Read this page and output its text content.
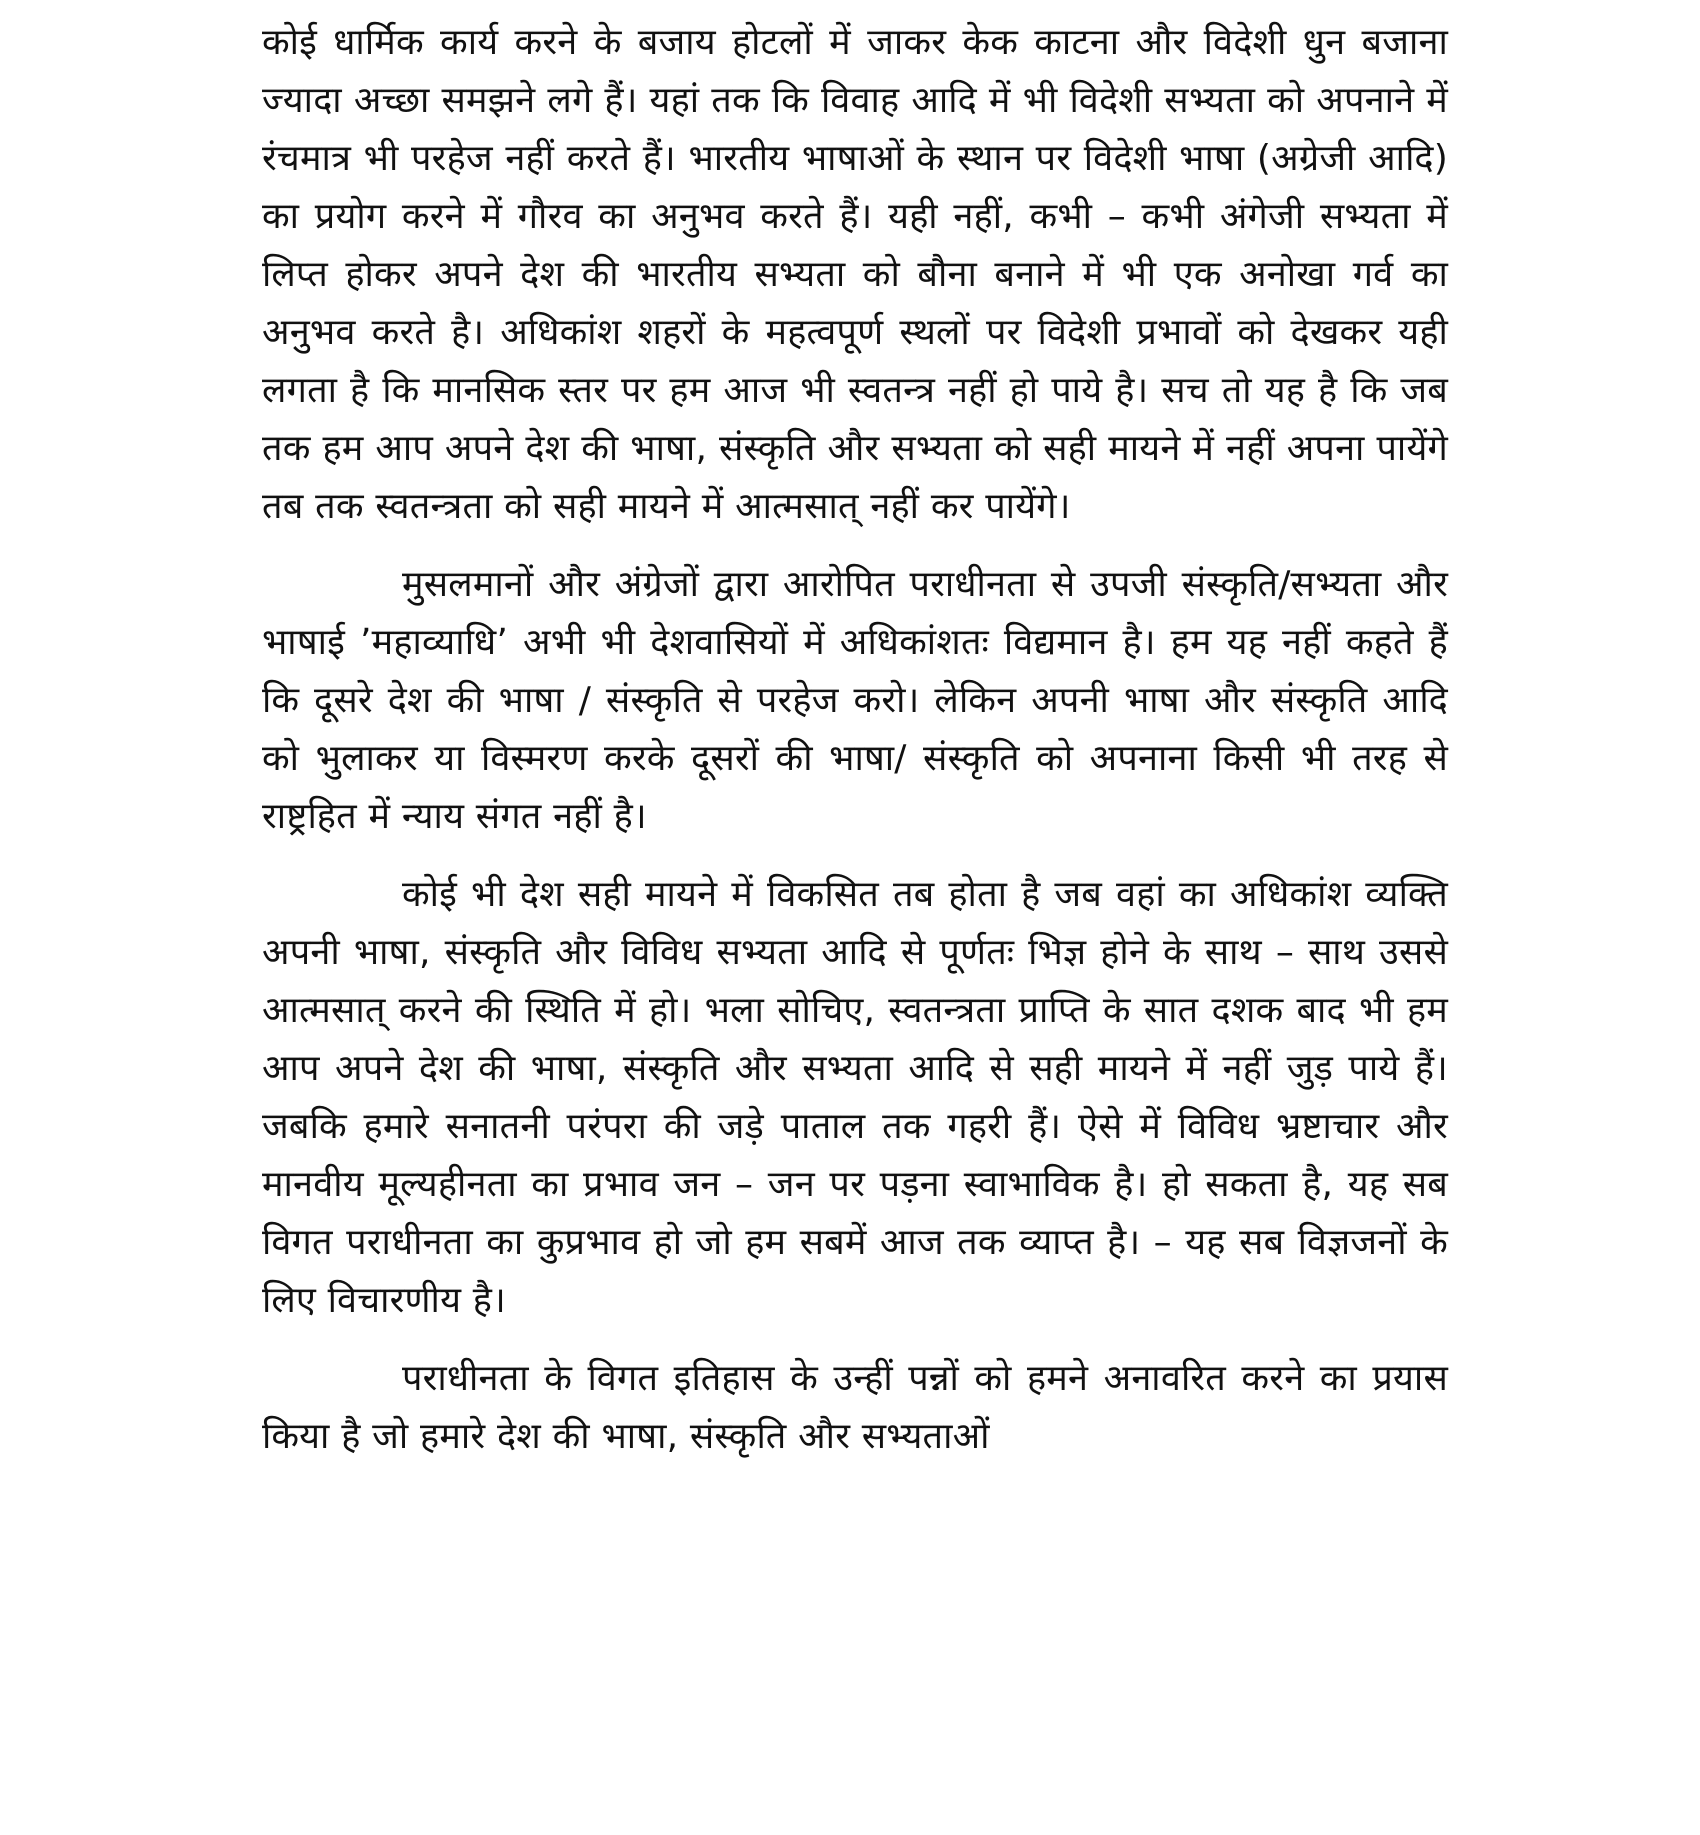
कोई धार्मिक कार्य करने के बजाय होटलों में जाकर केक काटना और विदेशी धुन बजाना ज्यादा अच्छा समझने लगे हैं। यहां तक कि विवाह आदि में भी विदेशी सभ्यता को अपनाने में रंचमात्र भी परहेज नहीं करते हैं। भारतीय भाषाओं के स्थान पर विदेशी भाषा (अग्रेजी आदि) का प्रयोग करने में गौरव का अनुभव करते हैं। यही नहीं, कभी – कभी अंगेजी सभ्यता में लिप्त होकर अपने देश की भारतीय सभ्यता को बौना बनाने में भी एक अनोखा गर्व का अनुभव करते है। अधिकांश शहरों के महत्वपूर्ण स्थलों पर विदेशी प्रभावों को देखकर यही लगता है कि मानसिक स्तर पर हम आज भी स्वतन्त्र नहीं हो पाये है। सच तो यह है कि जब तक हम आप अपने देश की भाषा, संस्कृति और सभ्यता को सही मायने में नहीं अपना पायेंगे तब तक स्वतन्त्रता को सही मायने में आत्मसात् नहीं कर पायेंगे।

मुसलमानों और अंग्रेजों द्वारा आरोपित पराधीनता से उपजी संस्कृति/सभ्यता और भाषाई ’महाव्याधि’ अभी भी देशवासियों में अधिकांशतः विद्यमान है। हम यह नहीं कहते हैं कि दूसरे देश की भाषा / संस्कृति से परहेज करो। लेकिन अपनी भाषा और संस्कृति आदि को भुलाकर या विस्मरण करके दूसरों की भाषा/ संस्कृति को अपनाना किसी भी तरह से राष्ट्रहित में न्याय संगत नहीं है।

कोई भी देश सही मायने में विकसित तब होता है जब वहां का अधिकांश व्यक्ति अपनी भाषा, संस्कृति और विविध सभ्यता आदि से पूर्णतः भिज्ञ होने के साथ – साथ उससे आत्मसात् करने की स्थिति में हो। भला सोचिए, स्वतन्त्रता प्राप्ति के सात दशक बाद भी हम आप अपने देश की भाषा, संस्कृति और सभ्यता आदि से सही मायने में नहीं जुड़ पाये हैं। जबकि हमारे सनातनी परंपरा की जड़े पाताल तक गहरी हैं। ऐसे में विविध भ्रष्टाचार और मानवीय मूल्यहीनता का प्रभाव जन – जन पर पड़ना स्वाभाविक है। हो सकता है, यह सब विगत पराधीनता का कुप्रभाव हो जो हम सबमें आज तक व्याप्त है। – यह सब विज्ञजनों के लिए विचारणीय है।

पराधीनता के विगत इतिहास के उन्हीं पन्नों को हमने अनावरित करने का प्रयास किया है जो हमारे देश की भाषा, संस्कृति और सभ्यताओं
